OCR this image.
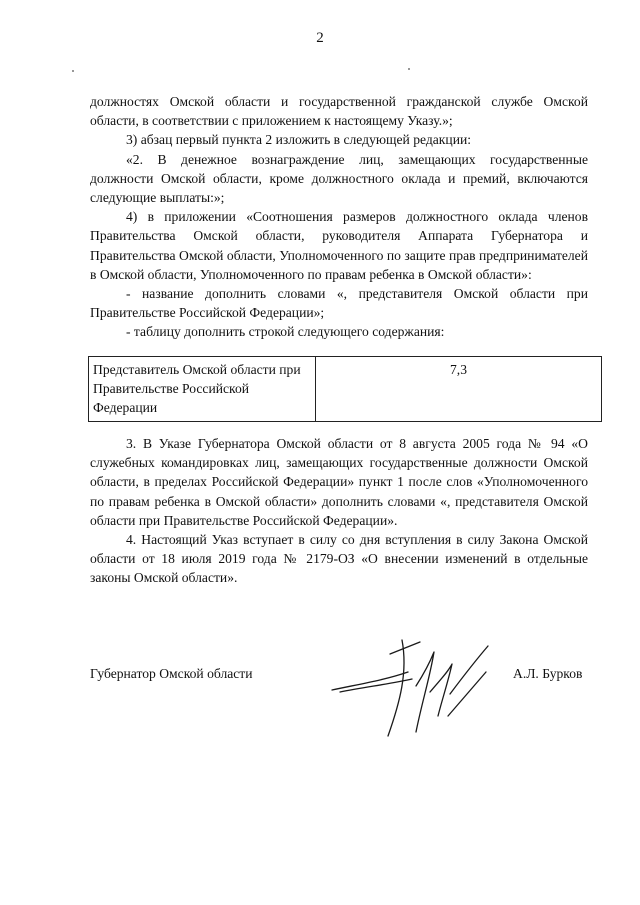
2

должностях Омской области и государственной гражданской службе Омской области, в соответствии с приложением к настоящему Указу.»;

3) абзац первый пункта 2 изложить в следующей редакции:

«2. В денежное вознаграждение лиц, замещающих государственные должности Омской области, кроме должностного оклада и премий, включаются следующие выплаты:»;

4) в приложении «Соотношения размеров должностного оклада членов Правительства Омской области, руководителя Аппарата Губернатора и Правительства Омской области, Уполномоченного по защите прав предпринимателей в Омской области, Уполномоченного по правам ребенка в Омской области»:

- название дополнить словами «, представителя Омской области при Правительстве Российской Федерации»;

- таблицу дополнить строкой следующего содержания:

Представитель Омской области при Правительстве Российской Федерации	7,3

3. В Указе Губернатора Омской области от 8 августа 2005 года № 94 «О служебных командировках лиц, замещающих государственные должности Омской области, в пределах Российской Федерации» пункт 1 после слов «Уполномоченного по правам ребенка в Омской области» дополнить словами «, представителя Омской области при Правительстве Российской Федерации».

4. Настоящий Указ вступает в силу со дня вступления в силу Закона Омской области от 18 июля 2019 года № 2179-ОЗ «О внесении изменений в отдельные законы Омской области».

Губернатор Омской области	А.Л. Бурков
